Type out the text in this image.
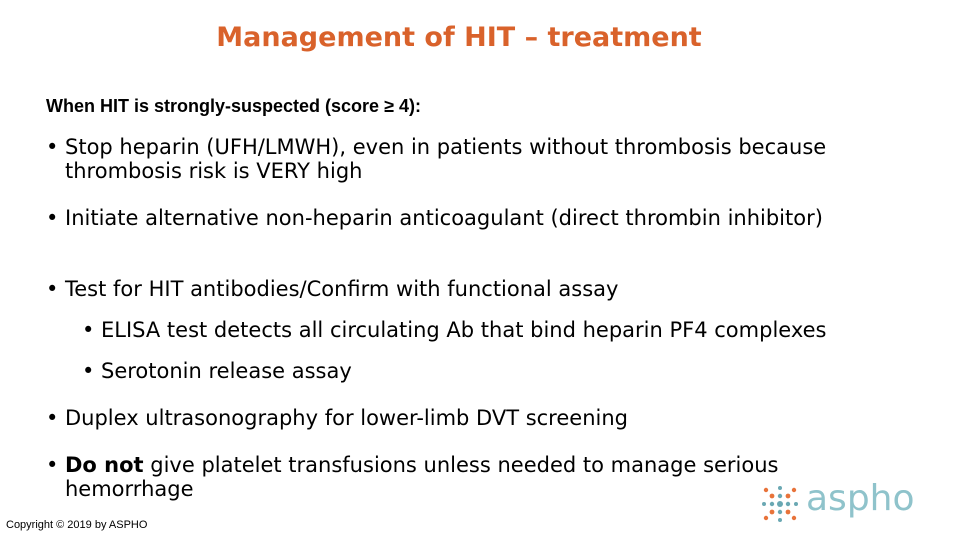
Management of HIT – treatment
When HIT is strongly-suspected (score ≥ 4):
• Stop heparin (UFH/LMWH), even in patients without thrombosis because thrombosis risk is VERY high
• Initiate alternative non-heparin anticoagulant (direct thrombin inhibitor)
• Test for HIT antibodies/Confirm with functional assay
• ELISA test detects all circulating Ab that bind heparin PF4 complexes
• Serotonin release assay
• Duplex ultrasonography for lower-limb DVT screening
• Do not give platelet transfusions unless needed to manage serious hemorrhage
Copyright © 2019 by ASPHO
aspho
